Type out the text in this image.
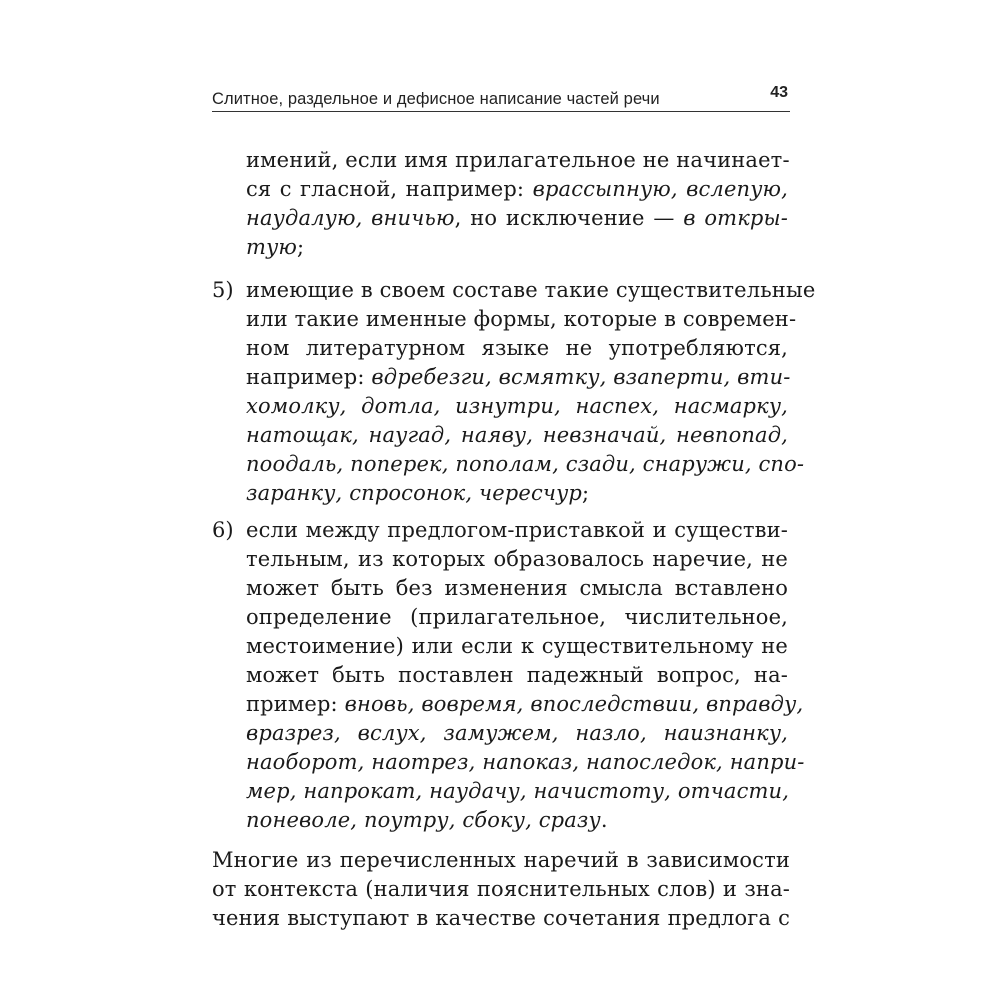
Слитное, раздельное и дефисное написание частей речи	43
имений, если имя прилагательное не начинает-
ся с гласной, например: врассыпную, вслепую,
наудалую, вничью, но исключение — в откры-
тую;
5) имеющие в своем составе такие существительные
или такие именные формы, которые в современ-
ном литературном языке не употребляются,
например: вдребезги, всмятку, взаперти, вти-
хомолку, дотла, изнутри, наспех, насмарку,
натощак, наугад, наяву, невзначай, невпопад,
поодаль, поперек, пополам, сзади, снаружи, спо-
заранку, спросонок, чересчур;
6) если между предлогом-приставкой и существи-
тельным, из которых образовалось наречие, не
может быть без изменения смысла вставлено
определение (прилагательное, числительное,
местоимение) или если к существительному не
может быть поставлен падежный вопрос, на-
пример: вновь, вовремя, впоследствии, вправду,
вразрез, вслух, замужем, назло, наизнанку,
наоборот, наотрез, напоказ, напоследок, напри-
мер, напрокат, наудачу, начистоту, отчасти,
поневоле, поутру, сбоку, сразу.
Многие из перечисленных наречий в зависимости
от контекста (наличия пояснительных слов) и зна-
чения выступают в качестве сочетания предлога с
